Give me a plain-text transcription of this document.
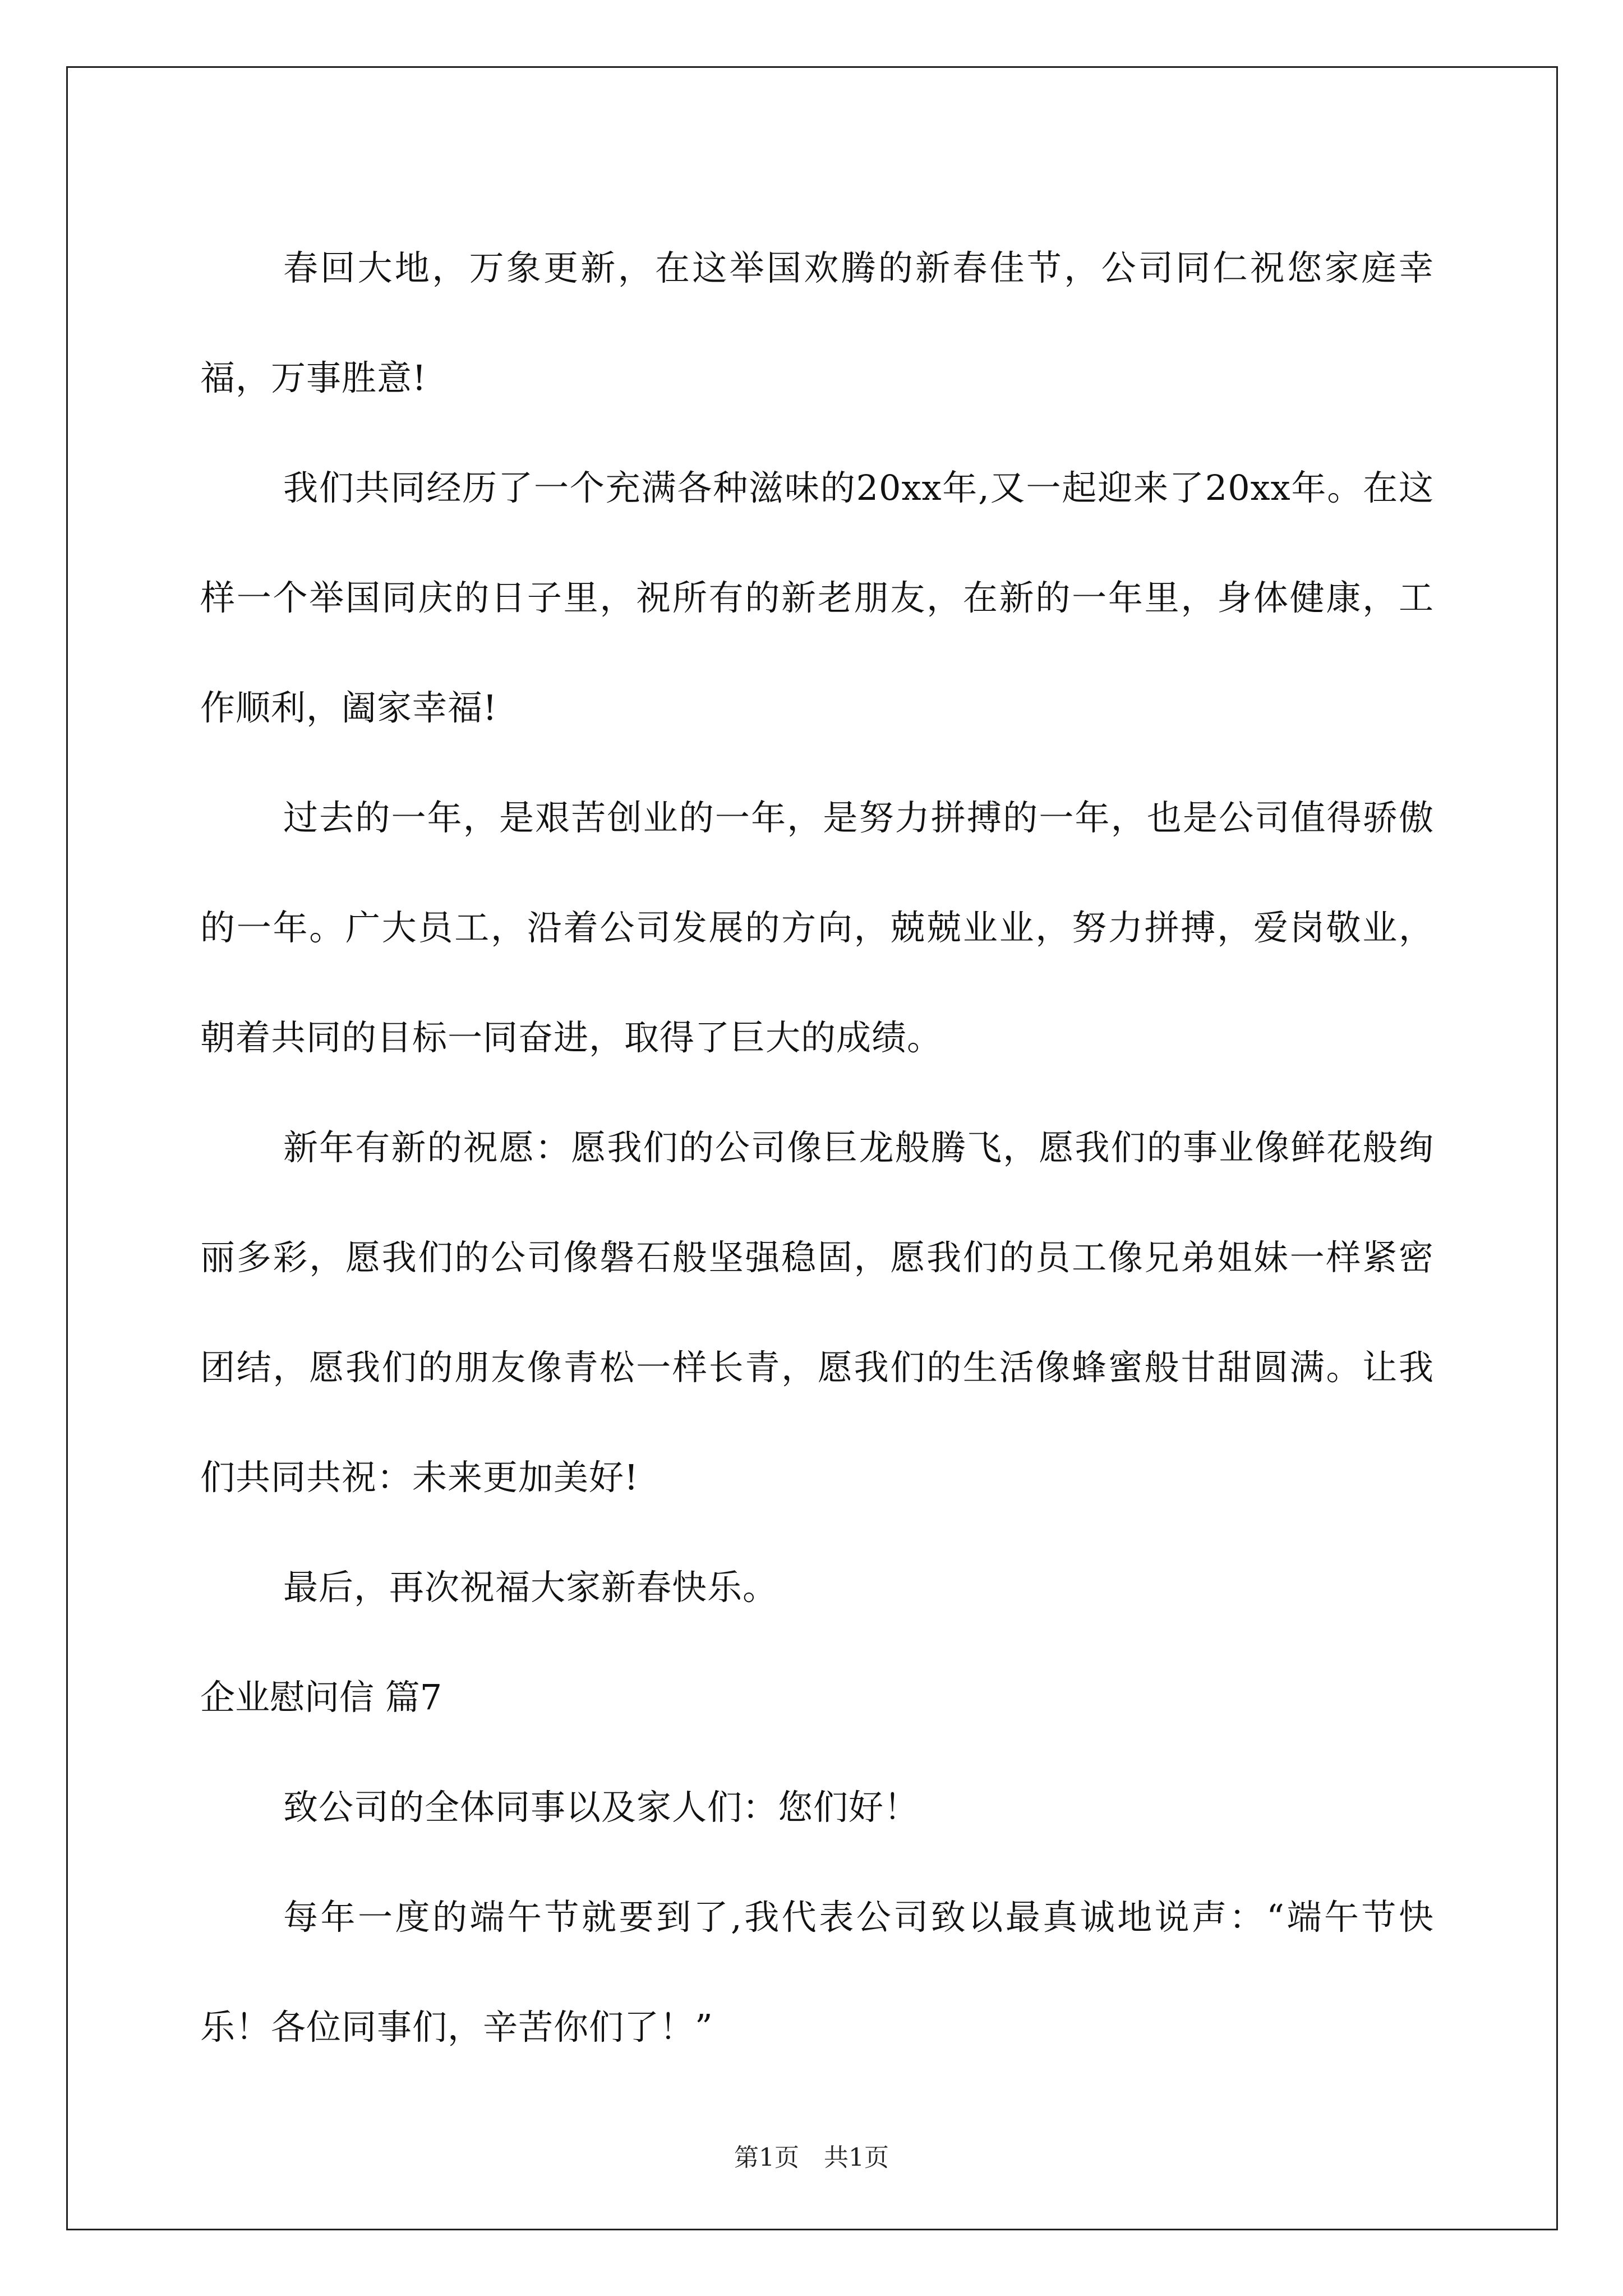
春回大地，万象更新，在这举国欢腾的新春佳节，公司同仁祝您家庭幸福，万事胜意!

我们共同经历了一个充满各种滋味的20xx年,又一起迎来了20xx年。在这样一个举国同庆的日子里，祝所有的新老朋友，在新的一年里，身体健康，工作顺利，阖家幸福!

过去的一年，是艰苦创业的一年，是努力拼搏的一年，也是公司值得骄傲的一年。广大员工，沿着公司发展的方向，兢兢业业，努力拼搏，爱岗敬业，朝着共同的目标一同奋进，取得了巨大的成绩。

新年有新的祝愿：愿我们的公司像巨龙般腾飞，愿我们的事业像鲜花般绚丽多彩，愿我们的公司像磐石般坚强稳固，愿我们的员工像兄弟姐妹一样紧密团结，愿我们的朋友像青松一样长青，愿我们的生活像蜂蜜般甘甜圆满。让我们共同共祝：未来更加美好!

最后，再次祝福大家新春快乐。

企业慰问信 篇7

致公司的全体同事以及家人们：您们好！

每年一度的端午节就要到了,我代表公司致以最真诚地说声：“端午节快乐！各位同事们，辛苦你们了！”

第1页　共1页
